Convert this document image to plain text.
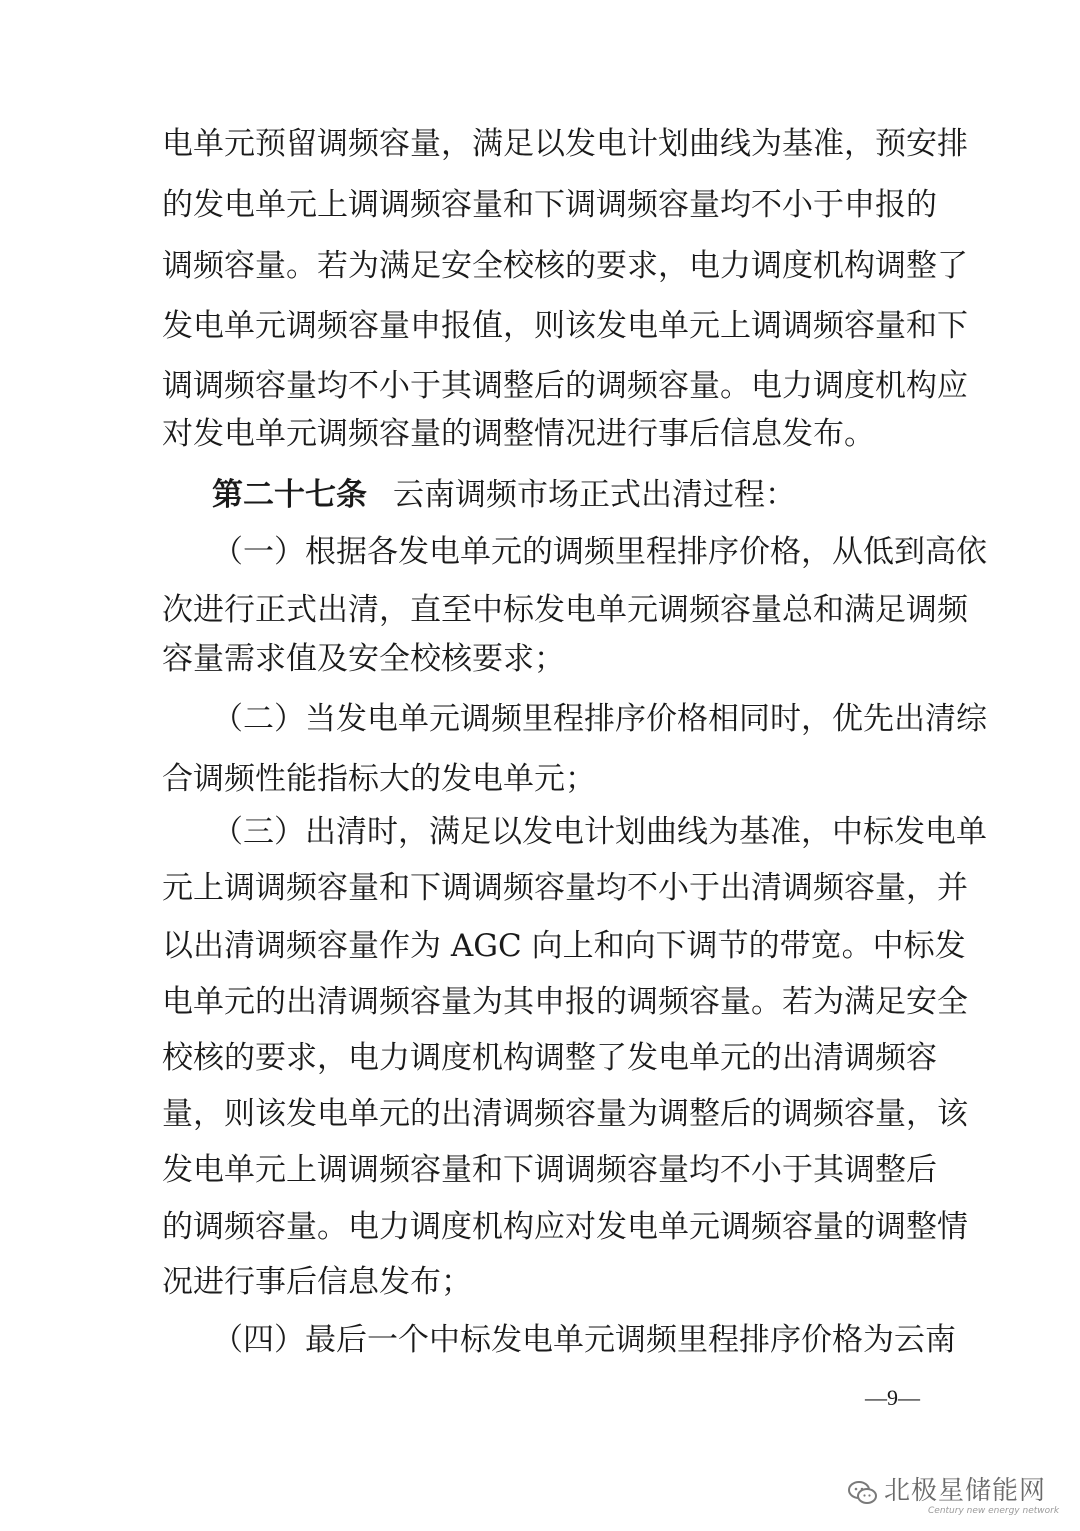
电单元预留调频容量，满足以发电计划曲线为基准，预安排
的发电单元上调调频容量和下调调频容量均不小于申报的
调频容量。若为满足安全校核的要求，电力调度机构调整了
发电单元调频容量申报值，则该发电单元上调调频容量和下
调调频容量均不小于其调整后的调频容量。电力调度机构应
对发电单元调频容量的调整情况进行事后信息发布。
第二十七条 云南调频市场正式出清过程：
（一）根据各发电单元的调频里程排序价格，从低到高依
次进行正式出清，直至中标发电单元调频容量总和满足调频
容量需求值及安全校核要求；
（二）当发电单元调频里程排序价格相同时，优先出清综
合调频性能指标大的发电单元；
（三）出清时，满足以发电计划曲线为基准，中标发电单
元上调调频容量和下调调频容量均不小于出清调频容量，并
以出清调频容量作为 AGC 向上和向下调节的带宽。中标发
电单元的出清调频容量为其申报的调频容量。若为满足安全
校核的要求，电力调度机构调整了发电单元的出清调频容
量，则该发电单元的出清调频容量为调整后的调频容量，该
发电单元上调调频容量和下调调频容量均不小于其调整后
的调频容量。电力调度机构应对发电单元调频容量的调整情
况进行事后信息发布；
（四）最后一个中标发电单元调频里程排序价格为云南
—9—
北极星储能网
Century new energy network
